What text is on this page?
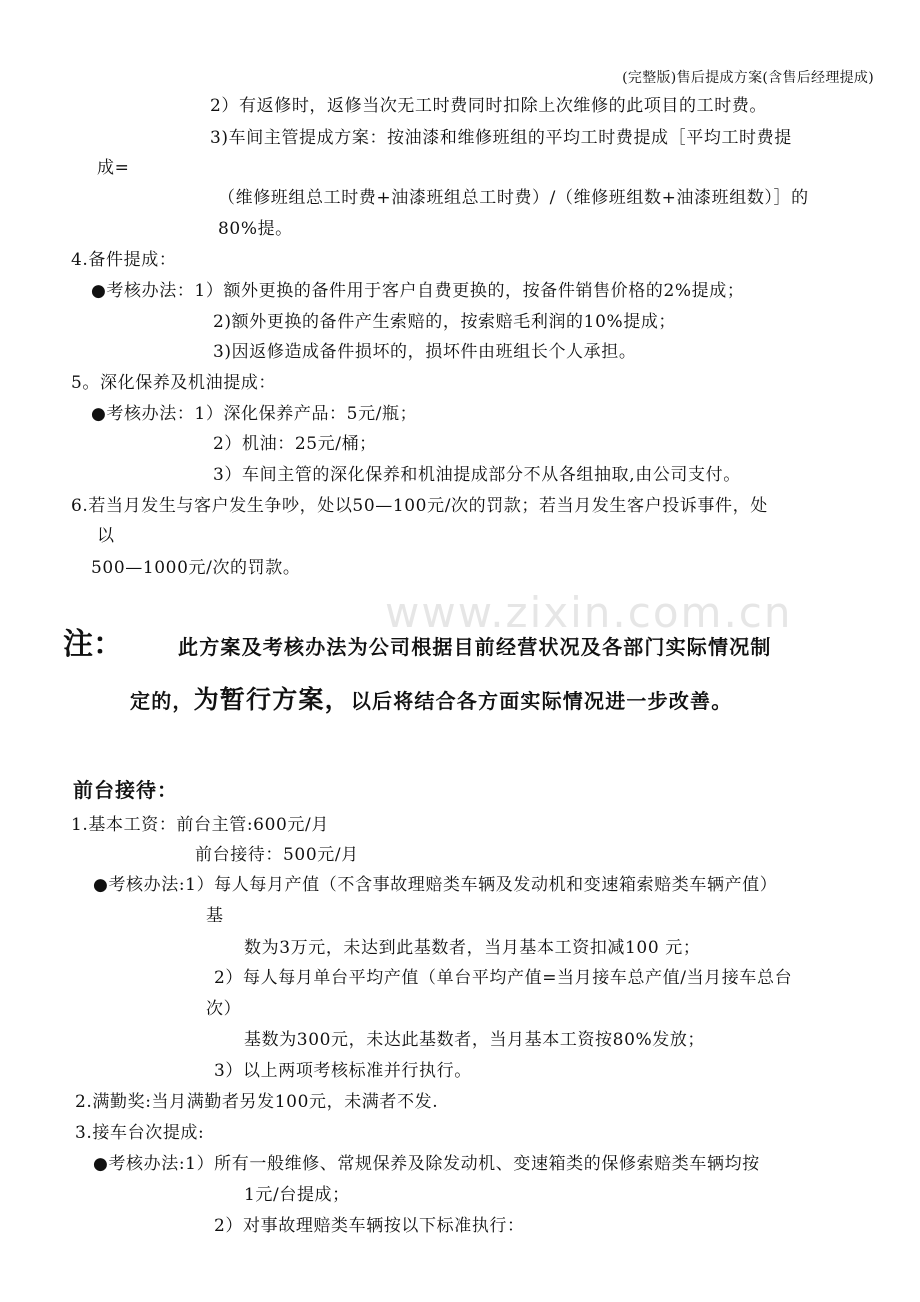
www.zixin.com.cn
(完整版)售后提成方案(含售后经理提成)
2）有返修时，返修当次无工时费同时扣除上次维修的此项目的工时费。
3)车间主管提成方案：按油漆和维修班组的平均工时费提成［平均工时费提
成=
（维修班组总工时费+油漆班组总工时费）/（维修班组数+油漆班组数）］的
80%提。
4.备件提成：
●考核办法：1）额外更换的备件用于客户自费更换的，按备件销售价格的2%提成；
2)额外更换的备件产生索赔的，按索赔毛利润的10%提成；
3)因返修造成备件损坏的，损坏件由班组长个人承担。
5。深化保养及机油提成：
●考核办法：1）深化保养产品：5元/瓶；
2）机油：25元/桶；
3）车间主管的深化保养和机油提成部分不从各组抽取,由公司支付。
6.若当月发生与客户发生争吵，处以50—100元/次的罚款；若当月发生客户投诉事件，处
以
500—1000元/次的罚款。
注：	此方案及考核办法为公司根据目前经营状况及各部门实际情况制
定的，为暂行方案，以后将结合各方面实际情况进一步改善。
前台接待：
1.基本工资：前台主管:600元/月
前台接待：500元/月
●考核办法:1）每人每月产值（不含事故理赔类车辆及发动机和变速箱索赔类车辆产值）
基
数为3万元，未达到此基数者，当月基本工资扣减100 元；
2）每人每月单台平均产值（单台平均产值=当月接车总产值/当月接车总台
次）
基数为300元，未达此基数者，当月基本工资按80%发放；
3）以上两项考核标准并行执行。
2.满勤奖:当月满勤者另发100元，未满者不发.
3.接车台次提成:
●考核办法:1）所有一般维修、常规保养及除发动机、变速箱类的保修索赔类车辆均按
1元/台提成；
2）对事故理赔类车辆按以下标准执行：
